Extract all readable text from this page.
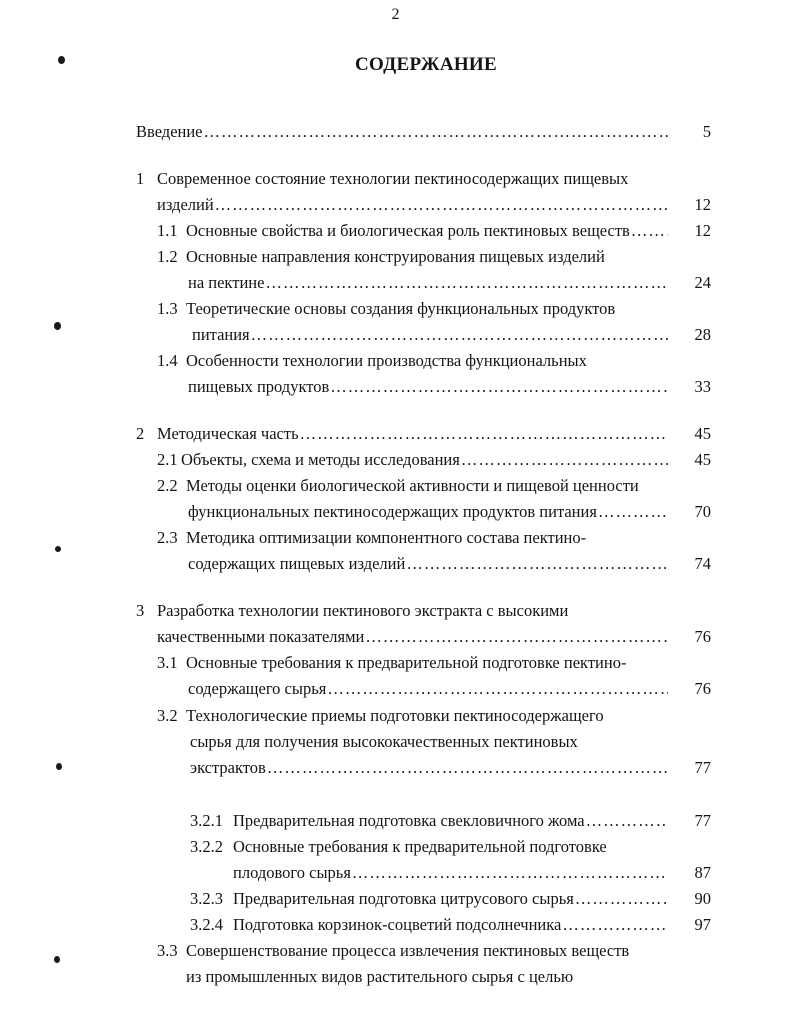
2
СОДЕРЖАНИЕ
5
Введение
………………………………………………………………………………………………………………………………………………………………………………………………
1 Современное состояние технологии пектиносодержащих пищевых
12
изделий
………………………………………………………………………………………………………………………………………………………………………………………………
12
1.1 Основные свойства и биологическая роль пектиновых веществ
………………………………………………………………………………………………………………………………………………………………………………………………
1.2 Основные направления конструирования пищевых изделий
24
на пектине
………………………………………………………………………………………………………………………………………………………………………………………………
1.3 Теоретические основы создания функциональных продуктов
28
питания
………………………………………………………………………………………………………………………………………………………………………………………………
1.4 Особенности технологии производства функциональных
33
пищевых продуктов
………………………………………………………………………………………………………………………………………………………………………………………………
45
2 Методическая часть
………………………………………………………………………………………………………………………………………………………………………………………………
45
2.1 Объекты, схема и методы исследования
………………………………………………………………………………………………………………………………………………………………………………………………
2.2 Методы оценки биологической активности и пищевой ценности
70
функциональных пектиносодержащих продуктов питания
………………………………………………………………………………………………………………………………………………………………………………………………
2.3 Методика оптимизации компонентного состава пектино-
74
содержащих пищевых изделий
………………………………………………………………………………………………………………………………………………………………………………………………
3 Разработка технологии пектинового экстракта с высокими
76
качественными показателями
………………………………………………………………………………………………………………………………………………………………………………………………
3.1 Основные требования к предварительной подготовке пектино-
76
содержащего сырья
………………………………………………………………………………………………………………………………………………………………………………………………
3.2 Технологические приемы подготовки пектиносодержащего
сырья для получения высококачественных пектиновых
77
экстрактов
………………………………………………………………………………………………………………………………………………………………………………………………
77
3.2.1 Предварительная подготовка свекловичного жома
………………………………………………………………………………………………………………………………………………………………………………………………
3.2.2 Основные требования к предварительной подготовке
87
плодового сырья
………………………………………………………………………………………………………………………………………………………………………………………………
90
3.2.3 Предварительная подготовка цитрусового сырья
………………………………………………………………………………………………………………………………………………………………………………………………
97
3.2.4 Подготовка корзинок-соцветий подсолнечника
………………………………………………………………………………………………………………………………………………………………………………………………
3.3 Совершенствование процесса извлечения пектиновых веществ
из промышленных видов растительного сырья с целью
